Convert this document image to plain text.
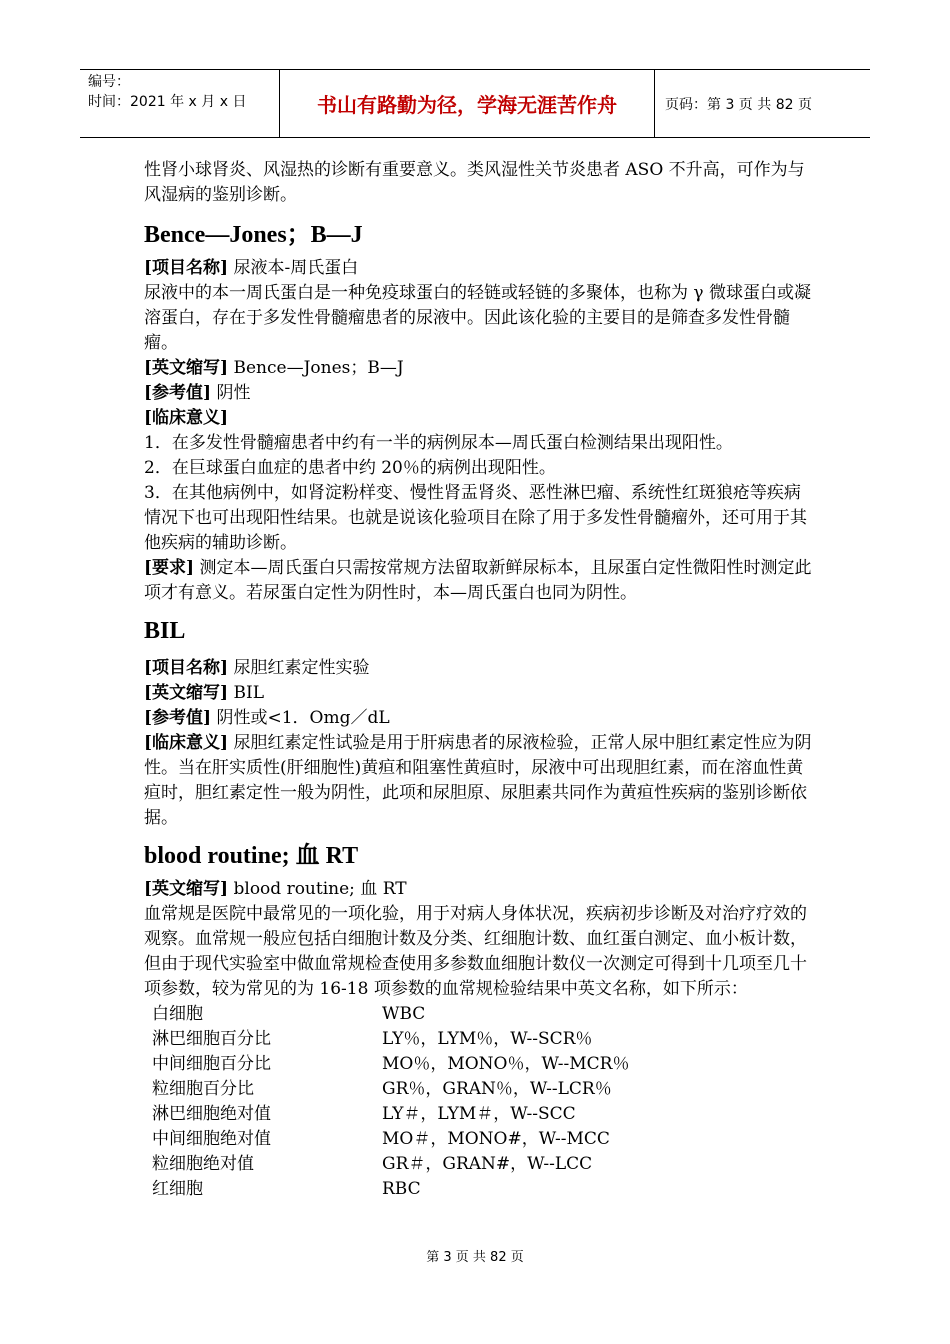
编号：
时间：2021 年 x 月 x 日	书山有路勤为径，学海无涯苦作舟	页码：第 3 页 共 82 页

性肾小球肾炎、风湿热的诊断有重要意义。类风湿性关节炎患者 ASO 不升高，可作为与风湿病的鉴别诊断。

Bence—Jones；B—J

[项目名称] 尿液本-周氏蛋白

尿液中的本一周氏蛋白是一种免疫球蛋白的轻链或轻链的多聚体，也称为 γ 微球蛋白或凝溶蛋白，存在于多发性骨髓瘤患者的尿液中。因此该化验的主要目的是筛查多发性骨髓瘤。

[英文缩写] Bence—Jones；B—J

[参考值] 阴性

[临床意义]

1．在多发性骨髓瘤患者中约有一半的病例尿本—周氏蛋白检测结果出现阳性。

2．在巨球蛋白血症的患者中约 20％的病例出现阳性。

3．在其他病例中，如肾淀粉样变、慢性肾盂肾炎、恶性淋巴瘤、系统性红斑狼疮等疾病情况下也可出现阳性结果。也就是说该化验项目在除了用于多发性骨髓瘤外，还可用于其他疾病的辅助诊断。

[要求] 测定本—周氏蛋白只需按常规方法留取新鲜尿标本，且尿蛋白定性微阳性时测定此项才有意义。若尿蛋白定性为阴性时，本—周氏蛋白也同为阴性。

BIL

[项目名称] 尿胆红素定性实验

[英文缩写] BIL

[参考值] 阴性或<1．Omg／dL

[临床意义] 尿胆红素定性试验是用于肝病患者的尿液检验，正常人尿中胆红素定性应为阴性。当在肝实质性(肝细胞性)黄疸和阻塞性黄疸时，尿液中可出现胆红素，而在溶血性黄疸时，胆红素定性一般为阴性，此项和尿胆原、尿胆素共同作为黄疸性疾病的鉴别诊断依据。

blood routine; 血 RT

[英文缩写] blood routine; 血 RT

血常规是医院中最常见的一项化验，用于对病人身体状况，疾病初步诊断及对治疗疗效的观察。血常规一般应包括白细胞计数及分类、红细胞计数、血红蛋白测定、血小板计数，但由于现代实验室中做血常规检查使用多参数血细胞计数仪一次测定可得到十几项至几十项参数，较为常见的为 16-18 项参数的血常规检验结果中英文名称，如下所示：

白细胞	WBC
淋巴细胞百分比	LY％，LYM％，W--SCR％
中间细胞百分比	MO％，MONO％，W--MCR％
粒细胞百分比	GR％，GRAN％，W--LCR％
淋巴细胞绝对值	LY＃，LYM＃，W--SCC
中间细胞绝对值	MO＃，MONO#，W--MCC
粒细胞绝对值	GR＃，GRAN#，W--LCC
红细胞	RBC
第 3 页 共 82 页
